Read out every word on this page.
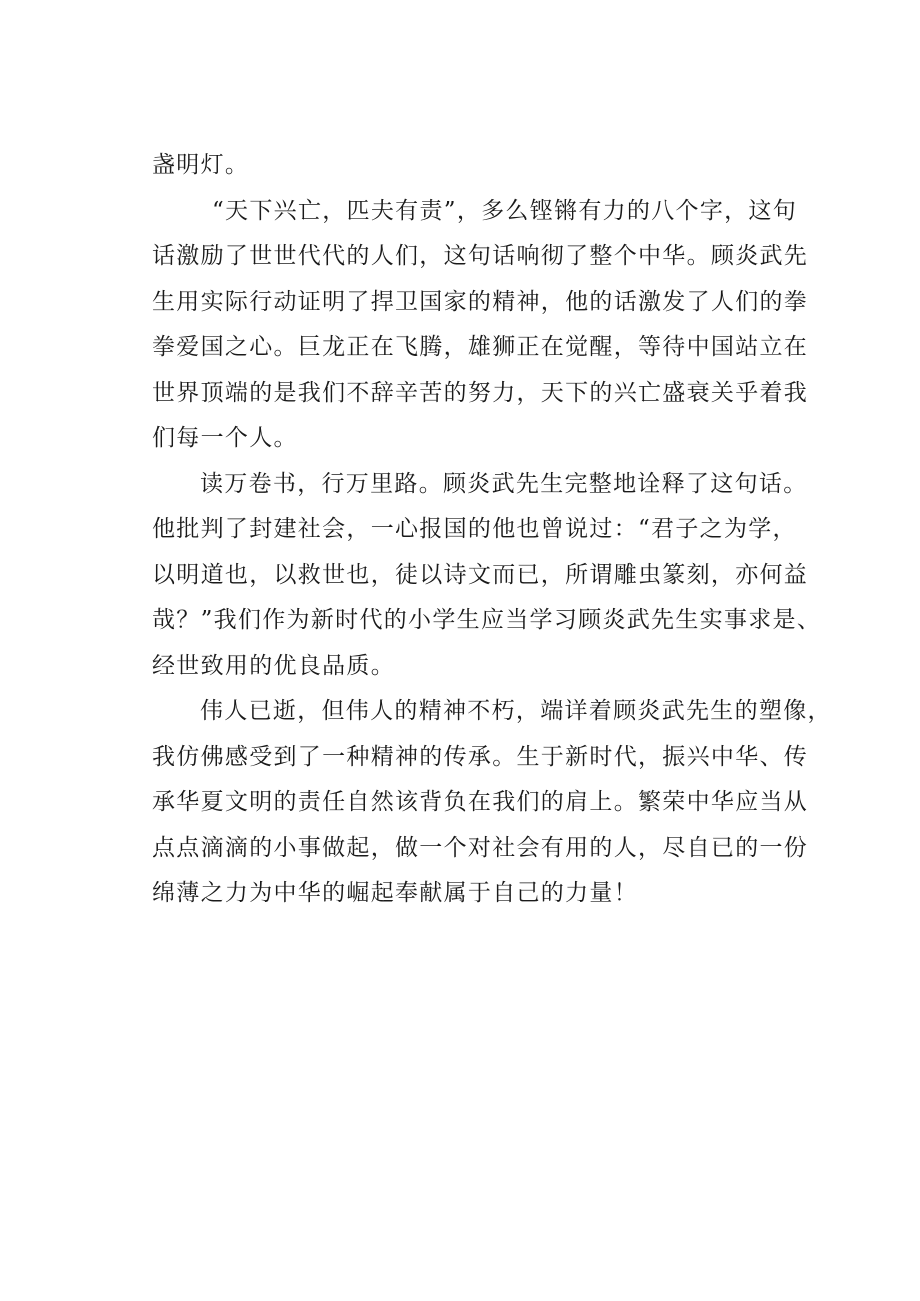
盏明灯。
“天下兴亡，匹夫有责”，多么铿锵有力的八个字，这句
话激励了世世代代的人们，这句话响彻了整个中华。顾炎武先
生用实际行动证明了捍卫国家的精神，他的话激发了人们的拳
拳爱国之心。巨龙正在飞腾，雄狮正在觉醒，等待中国站立在
世界顶端的是我们不辞辛苦的努力，天下的兴亡盛衰关乎着我
们每一个人。
读万卷书，行万里路。顾炎武先生完整地诠释了这句话。
他批判了封建社会，一心报国的他也曾说过：“君子之为学，
以明道也，以救世也，徒以诗文而已，所谓雕虫篆刻，亦何益
哉？”我们作为新时代的小学生应当学习顾炎武先生实事求是、
经世致用的优良品质。
伟人已逝，但伟人的精神不朽，端详着顾炎武先生的塑像，
我仿佛感受到了一种精神的传承。生于新时代，振兴中华、传
承华夏文明的责任自然该背负在我们的肩上。繁荣中华应当从
点点滴滴的小事做起，做一个对社会有用的人，尽自已的一份
绵薄之力为中华的崛起奉献属于自己的力量！
